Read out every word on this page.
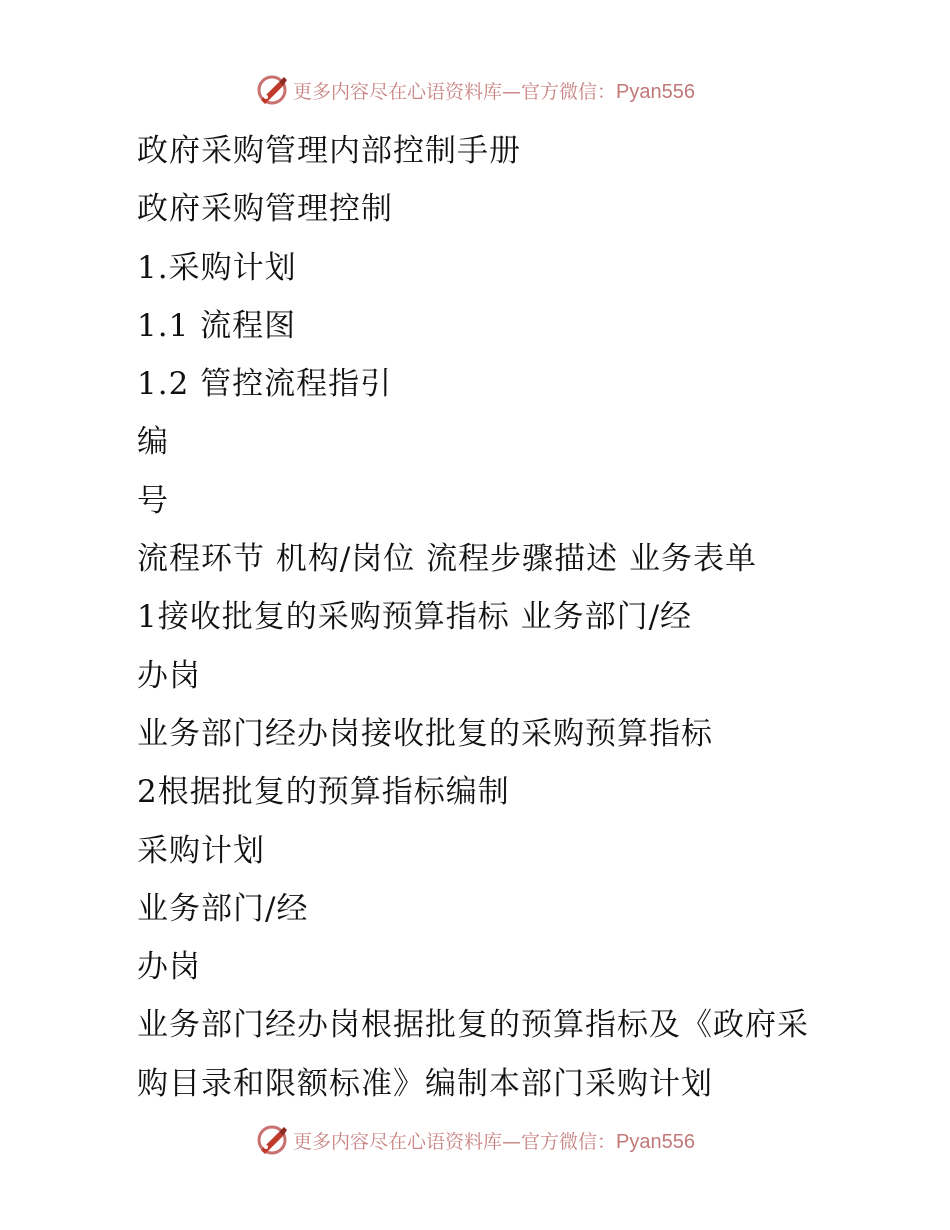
更多内容尽在心语资料库—官方微信：Pyan556
政府采购管理内部控制手册
政府采购管理控制
1.采购计划
1.1 流程图
1.2 管控流程指引
编
号
流程环节 机构/岗位 流程步骤描述 业务表单
1接收批复的采购预算指标 业务部门/经
办岗
业务部门经办岗接收批复的采购预算指标
2根据批复的预算指标编制
采购计划
业务部门/经
办岗
业务部门经办岗根据批复的预算指标及《政府采
购目录和限额标准》编制本部门采购计划
更多内容尽在心语资料库—官方微信：Pyan556
